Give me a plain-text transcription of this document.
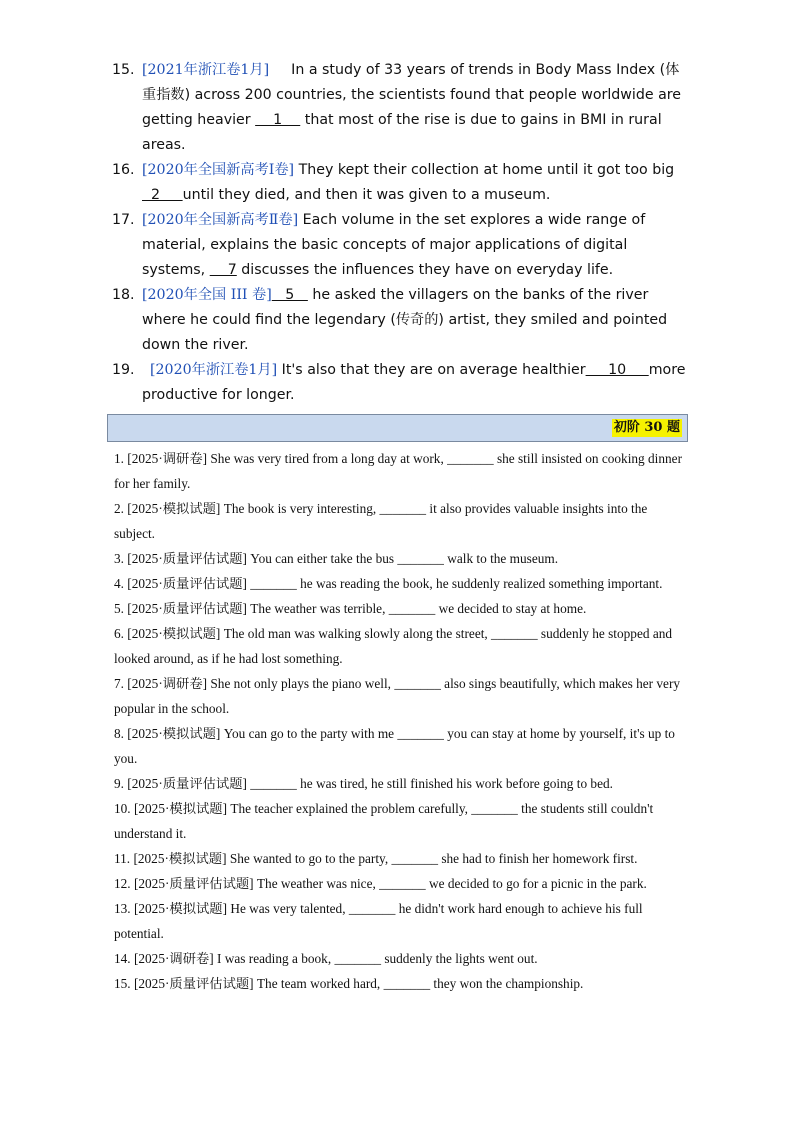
15. [2021年浙江卷1月] In a study of 33 years of trends in Body Mass Index (体重指数) across 200 countries, the scientists found that people worldwide are getting heavier     1     that most of the rise is due to gains in BMI in rural areas.
16. [2020年全国新高考Ⅰ卷] They kept their collection at home until it got too big   2     until they died, and then it was given to a museum.
17. [2020年全国新高考Ⅱ卷] Each volume in the set explores a wide range of material, explains the basic concepts of major applications of digital systems,     7 discusses the influences they have on everyday life.
18. [2020年全国 III 卷]   5    he asked the villagers on the banks of the river where he could find the legendary (传奇的) artist, they smiled and pointed down the river.
19. [2020年浙江卷1月] It's also that they are on average healthier     10     more productive for longer.
初阶 30 题
1. [2025·调研卷] She was very tired from a long day at work, _______ she still insisted on cooking dinner for her family.
2. [2025·模拟试题] The book is very interesting, _______ it also provides valuable insights into the subject.
3. [2025·质量评估试题] You can either take the bus _______ walk to the museum.
4. [2025·质量评估试题] _______ he was reading the book, he suddenly realized something important.
5. [2025·质量评估试题] The weather was terrible, _______ we decided to stay at home.
6. [2025·模拟试题] The old man was walking slowly along the street, _______ suddenly he stopped and looked around, as if he had lost something.
7. [2025·调研卷] She not only plays the piano well, _______ also sings beautifully, which makes her very popular in the school.
8. [2025·模拟试题] You can go to the party with me _______ you can stay at home by yourself, it's up to you.
9. [2025·质量评估试题] _______ he was tired, he still finished his work before going to bed.
10. [2025·模拟试题] The teacher explained the problem carefully, _______ the students still couldn't understand it.
11. [2025·模拟试题] She wanted to go to the party, _______ she had to finish her homework first.
12. [2025·质量评估试题] The weather was nice, _______ we decided to go for a picnic in the park.
13. [2025·模拟试题] He was very talented, _______ he didn't work hard enough to achieve his full potential.
14. [2025·调研卷] I was reading a book, _______ suddenly the lights went out.
15. [2025·质量评估试题] The team worked hard, _______ they won the championship.
